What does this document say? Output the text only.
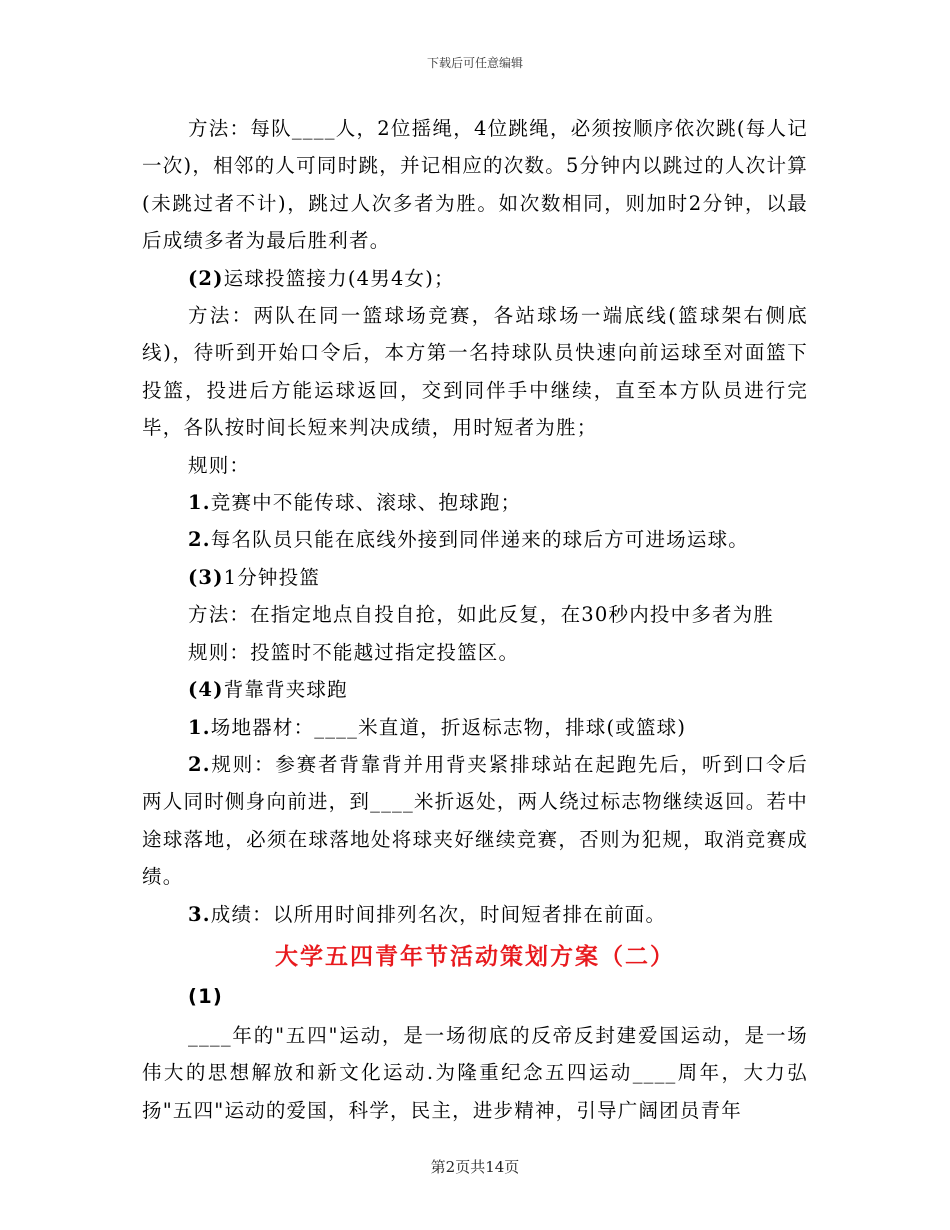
下载后可任意编辑

方法：每队____人，2位摇绳，4位跳绳，必须按顺序依次跳(每人记一次)，相邻的人可同时跳，并记相应的次数。5分钟内以跳过的人次计算(未跳过者不计)，跳过人次多者为胜。如次数相同，则加时2分钟，以最后成绩多者为最后胜利者。

(2)运球投篮接力(4男4女)；

方法：两队在同一篮球场竞赛，各站球场一端底线(篮球架右侧底线)，待听到开始口令后，本方第一名持球队员快速向前运球至对面篮下投篮，投进后方能运球返回，交到同伴手中继续，直至本方队员进行完毕，各队按时间长短来判决成绩，用时短者为胜；

规则：

1.竞赛中不能传球、滚球、抱球跑；

2.每名队员只能在底线外接到同伴递来的球后方可进场运球。

(3)1分钟投篮

方法：在指定地点自投自抢，如此反复，在30秒内投中多者为胜

规则：投篮时不能越过指定投篮区。

(4)背靠背夹球跑

1.场地器材：____米直道，折返标志物，排球(或篮球)

2.规则：参赛者背靠背并用背夹紧排球站在起跑先后，听到口令后两人同时侧身向前进，到____米折返处，两人绕过标志物继续返回。若中途球落地，必须在球落地处将球夹好继续竞赛，否则为犯规，取消竞赛成绩。

3.成绩：以所用时间排列名次，时间短者排在前面。

大学五四青年节活动策划方案（二）

(1)

____年的"五四"运动，是一场彻底的反帝反封建爱国运动，是一场伟大的思想解放和新文化运动.为隆重纪念五四运动____周年，大力弘扬"五四"运动的爱国，科学，民主，进步精神，引导广阔团员青年

第2页共14页
